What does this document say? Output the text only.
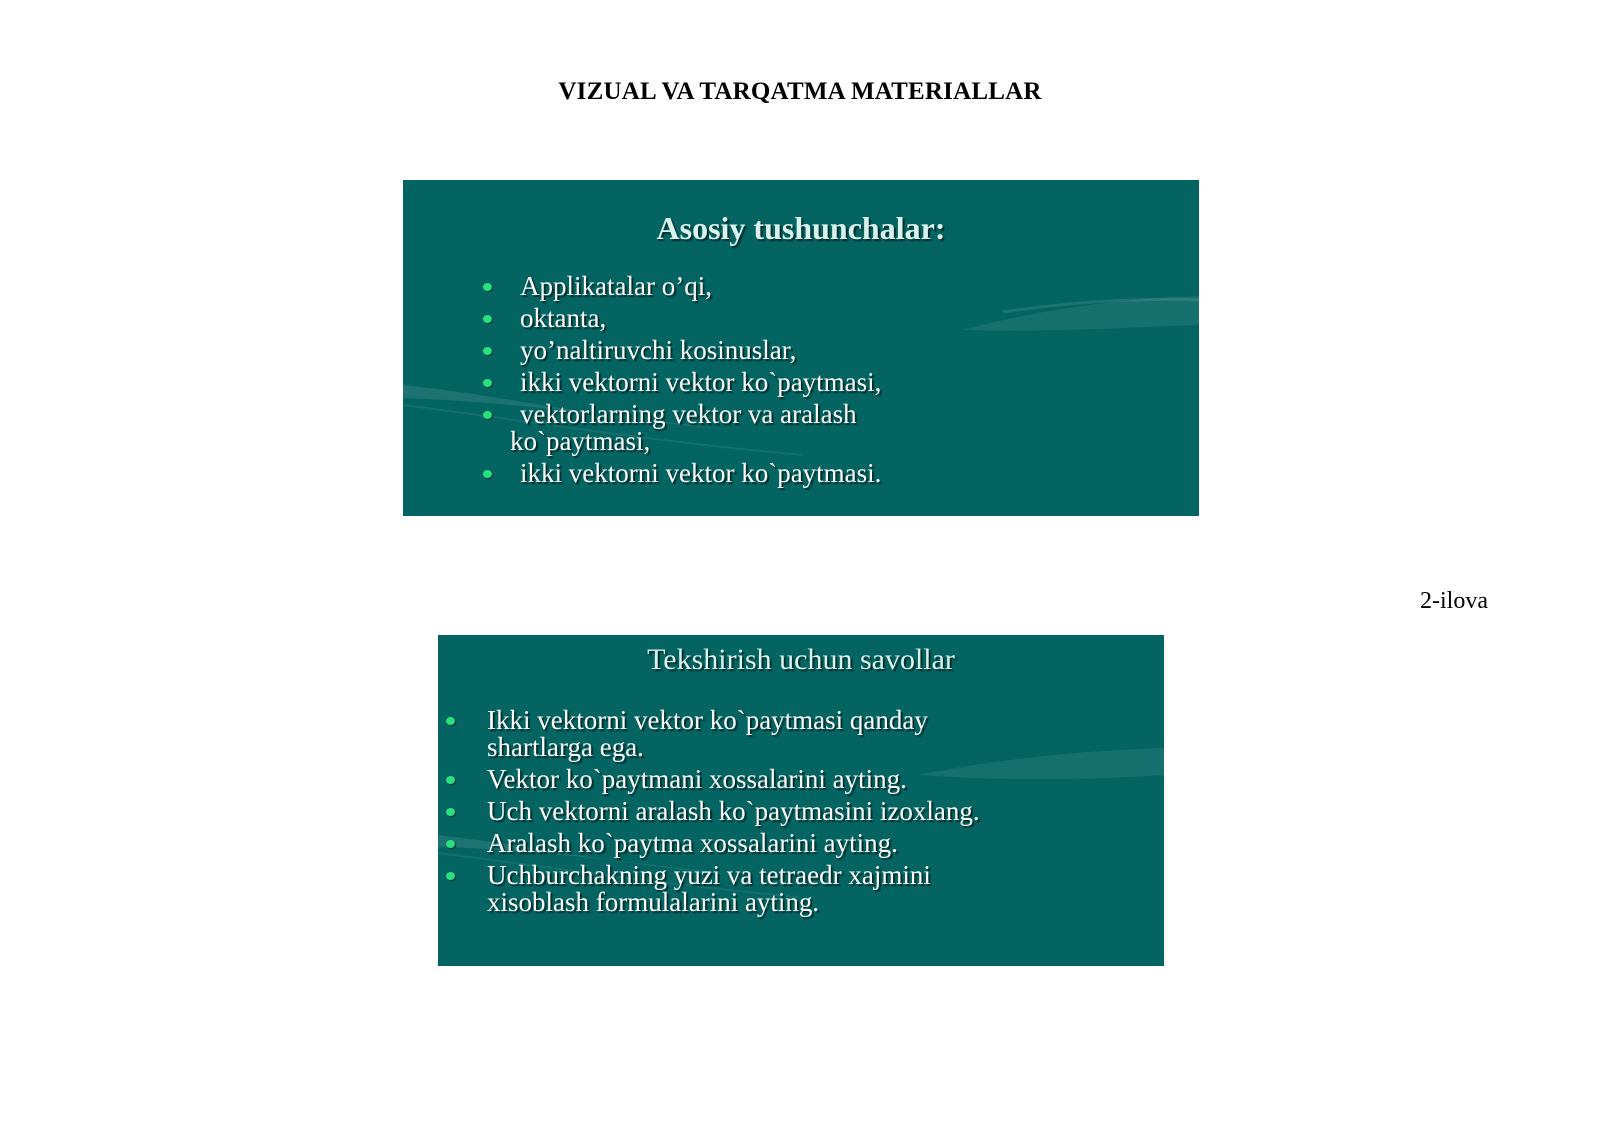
VIZUAL VA TARQATMA MATERIALLAR
Asosiy tushunchalar:
Applikatalar o’qi,
oktanta,
yo’naltiruvchi kosinuslar,
ikki vektorni vektor ko`paytmasi,
vektorlarning vektor va aralash
ko`paytmasi,
ikki vektorni vektor ko`paytmasi.
2-ilova
Tekshirish uchun savollar
Ikki vektorni vektor ko`paytmasi qanday
shartlarga ega.
Vektor ko`paytmani xossalarini ayting.
Uch vektorni aralash ko`paytmasini izoxlang.
Aralash ko`paytma xossalarini ayting.
Uchburchakning yuzi va tetraedr xajmini
xisoblash formulalarini ayting.
